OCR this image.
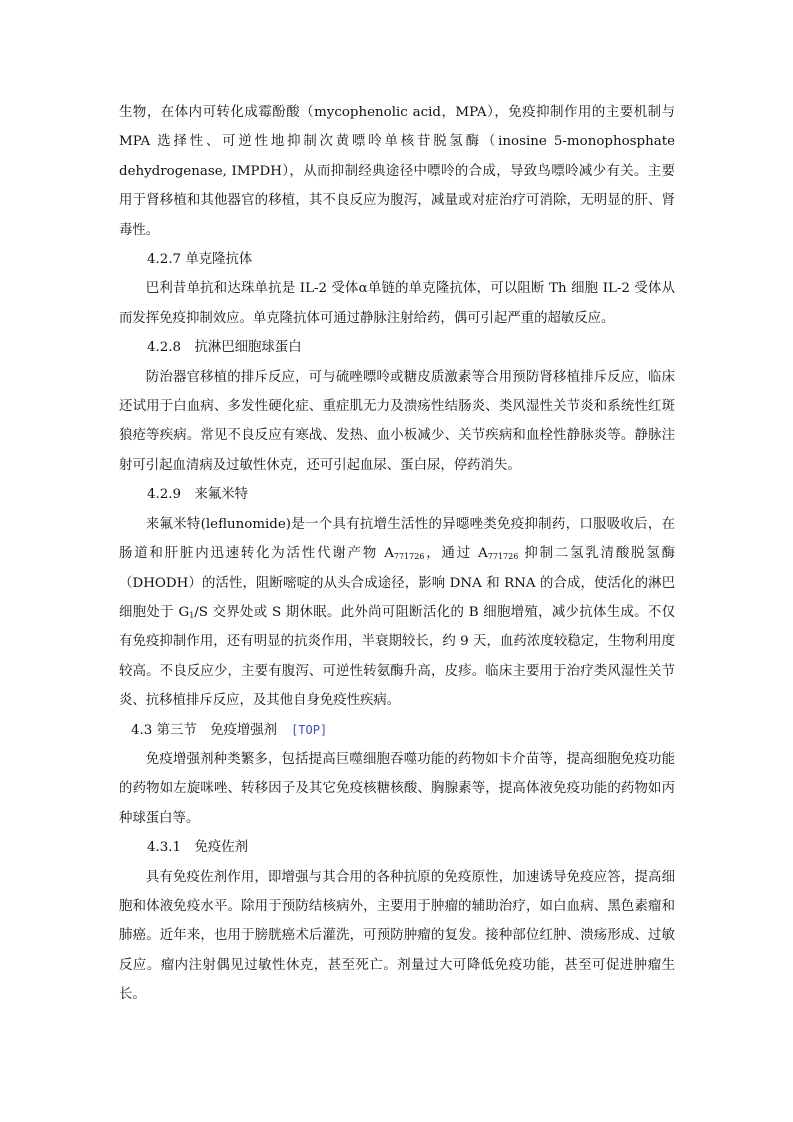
生物，在体内可转化成霉酚酸（mycophenolic acid，MPA），免疫抑制作用的主要机制与 MPA 选择性、可逆性地抑制次黄嘌呤单核苷脱氢酶（inosine 5-monophosphate dehydrogenase, IMPDH），从而抑制经典途径中嘌呤的合成，导致鸟嘌呤减少有关。主要用于肾移植和其他器官的移植，其不良反应为腹泻，减量或对症治疗可消除，无明显的肝、肾毒性。

4.2.7 单克隆抗体

巴利昔单抗和达珠单抗是 IL-2 受体α单链的单克隆抗体，可以阻断 Th 细胞 IL-2 受体从而发挥免疫抑制效应。单克隆抗体可通过静脉注射给药，偶可引起严重的超敏反应。

4.2.8　抗淋巴细胞球蛋白

防治器官移植的排斥反应，可与硫唑嘌呤或糖皮质激素等合用预防肾移植排斥反应，临床还试用于白血病、多发性硬化症、重症肌无力及溃疡性结肠炎、类风湿性关节炎和系统性红斑狼疮等疾病。常见不良反应有寒战、发热、血小板减少、关节疾病和血栓性静脉炎等。静脉注射可引起血清病及过敏性休克，还可引起血尿、蛋白尿，停药消失。

4.2.9　来氟米特

来氟米特(leflunomide)是一个具有抗增生活性的异噁唑类免疫抑制药，口服吸收后，在肠道和肝脏内迅速转化为活性代谢产物 $A_{771726}$，通过 $A_{771726}$ 抑制二氢乳清酸脱氢酶（DHODH）的活性，阻断嘧啶的从头合成途径，影响 DNA 和 RNA 的合成，使活化的淋巴细胞处于 $G_1/S$ 交界处或 S 期休眠。此外尚可阻断活化的 B 细胞增殖，减少抗体生成。不仅有免疫抑制作用，还有明显的抗炎作用，半衰期较长，约 9 天，血药浓度较稳定，生物利用度较高。不良反应少，主要有腹泻、可逆性转氨酶升高，皮疹。临床主要用于治疗类风湿性关节炎、抗移植排斥反应，及其他自身免疫性疾病。

4.3 第三节　免疫增强剂 [TOP]

免疫增强剂种类繁多，包括提高巨噬细胞吞噬功能的药物如卡介苗等，提高细胞免疫功能的药物如左旋咪唑、转移因子及其它免疫核糖核酸、胸腺素等，提高体液免疫功能的药物如丙种球蛋白等。

4.3.1　免疫佐剂

具有免疫佐剂作用，即增强与其合用的各种抗原的免疫原性，加速诱导免疫应答，提高细胞和体液免疫水平。除用于预防结核病外，主要用于肿瘤的辅助治疗，如白血病、黑色素瘤和肺癌。近年来，也用于膀胱癌术后灌洗，可预防肿瘤的复发。接种部位红肿、溃疡形成、过敏反应。瘤内注射偶见过敏性休克，甚至死亡。剂量过大可降低免疫功能，甚至可促进肿瘤生长。
